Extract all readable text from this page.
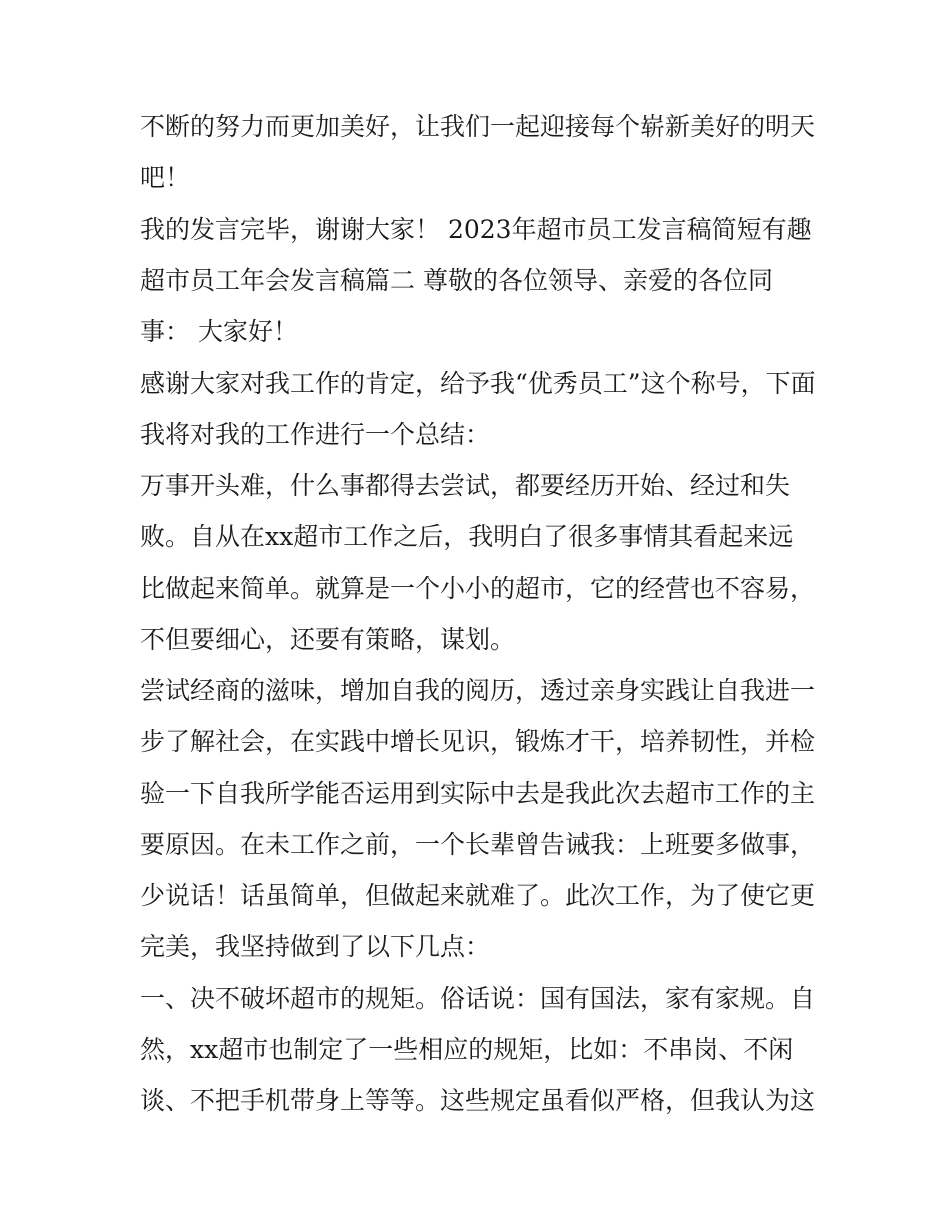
不断的努力而更加美好，让我们一起迎接每个崭新美好的明天
吧！
我的发言完毕，谢谢大家！ 2023年超市员工发言稿简短有趣
超市员工年会发言稿篇二 尊敬的各位领导、亲爱的各位同
事： 大家好！
感谢大家对我工作的肯定，给予我“优秀员工”这个称号，下面
我将对我的工作进行一个总结：
万事开头难，什么事都得去尝试，都要经历开始、经过和失
败。自从在xx超市工作之后，我明白了很多事情其看起来远
比做起来简单。就算是一个小小的超市，它的经营也不容易，
不但要细心，还要有策略，谋划。
尝试经商的滋味，增加自我的阅历，透过亲身实践让自我进一
步了解社会，在实践中增长见识，锻炼才干，培养韧性，并检
验一下自我所学能否运用到实际中去是我此次去超市工作的主
要原因。在未工作之前，一个长辈曾告诫我：上班要多做事，
少说话！话虽简单，但做起来就难了。此次工作，为了使它更
完美，我坚持做到了以下几点：
一、决不破坏超市的规矩。俗话说：国有国法，家有家规。自
然，xx超市也制定了一些相应的规矩，比如：不串岗、不闲
谈、不把手机带身上等等。这些规定虽看似严格，但我认为这
